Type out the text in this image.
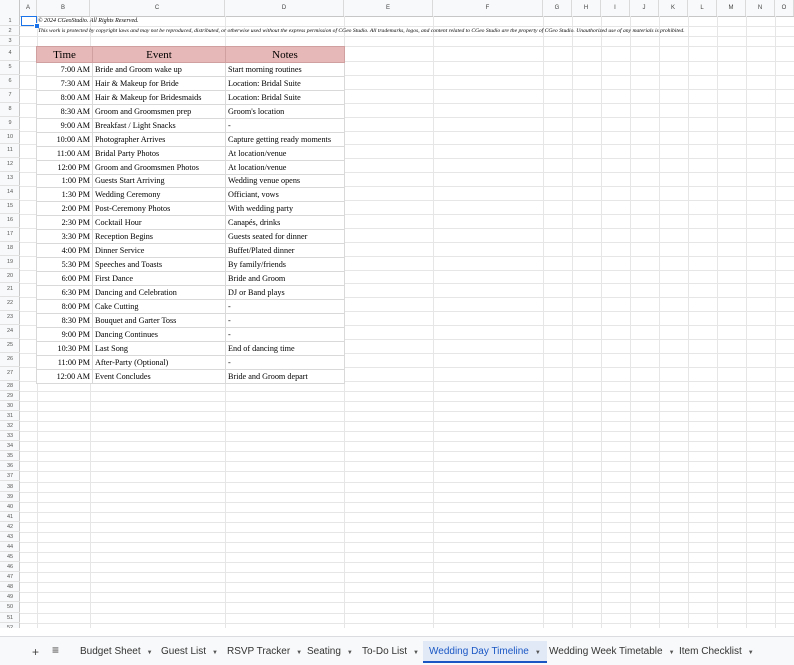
A	B	C	D	E	F	G	H	I	J	K	L	M	N	O
1
2
3
4
5
6
7
8
9
10
11
12
13
14
15
16
17
18
19
20
21
22
23
24
25
26
27
28
29
30
31
32
33
34
35
36
37
38
39
40
41
42
43
44
45
46
47
48
49
50
51
52
© 2024 CGeoStudio. All Rights Reserved.
This work is protected by copyright laws and may not be reproduced, distributed, or otherwise used without the express permission of CGeo Studio. All trademarks, logos, and content related to CGeo Studio are the property of CGeo Studio. Unauthorized use of any materials is prohibited.
Time	Event	Notes
7:00 AM	Bride and Groom wake up	Start morning routines
7:30 AM	Hair & Makeup for Bride	Location: Bridal Suite
8:00 AM	Hair & Makeup for Bridesmaids	Location: Bridal Suite
8:30 AM	Groom and Groomsmen prep	Groom's location
9:00 AM	Breakfast / Light Snacks	-
10:00 AM	Photographer Arrives	Capture getting ready moments
11:00 AM	Bridal Party Photos	At location/venue
12:00 PM	Groom and Groomsmen Photos	At location/venue
1:00 PM	Guests Start Arriving	Wedding venue opens
1:30 PM	Wedding Ceremony	Officiant, vows
2:00 PM	Post-Ceremony Photos	With wedding party
2:30 PM	Cocktail Hour	Canapés, drinks
3:30 PM	Reception Begins	Guests seated for dinner
4:00 PM	Dinner Service	Buffet/Plated dinner
5:30 PM	Speeches and Toasts	By family/friends
6:00 PM	First Dance	Bride and Groom
6:30 PM	Dancing and Celebration	DJ or Band plays
8:00 PM	Cake Cutting	-
8:30 PM	Bouquet and Garter Toss	-
9:00 PM	Dancing Continues	-
10:30 PM	Last Song	End of dancing time
11:00 PM	After-Party (Optional)	-
12:00 AM	Event Concludes	Bride and Groom depart
+ ≡	Budget Sheet ▼ Guest List ▼ RSVP Tracker ▼ Seating ▼ To-Do List ▼	Wedding Day Timeline ▼ Wedding Week Timetable ▼ Item Checklist ▼
